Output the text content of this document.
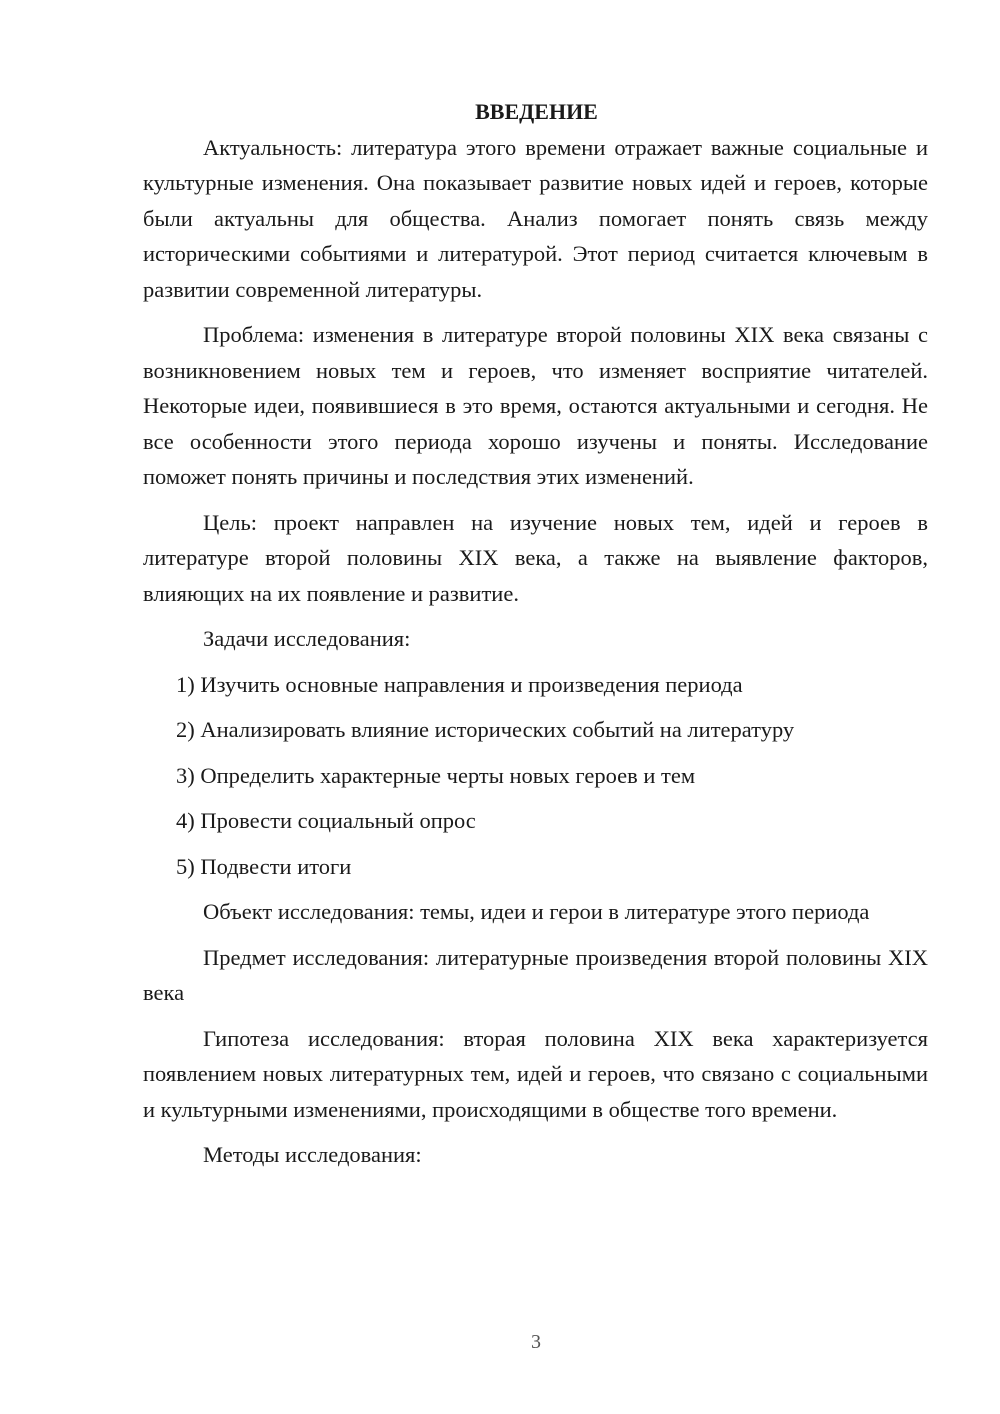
ВВЕДЕНИЕ

Актуальность: литература этого времени отражает важные социальные и культурные изменения. Она показывает развитие новых идей и героев, которые были актуальны для общества. Анализ помогает понять связь между историческими событиями и литературой. Этот период считается ключевым в развитии современной литературы.

Проблема: изменения в литературе второй половины XIX века связаны с возникновением новых тем и героев, что изменяет восприятие читателей. Некоторые идеи, появившиеся в это время, остаются актуальными и сегодня. Не все особенности этого периода хорошо изучены и поняты. Исследование поможет понять причины и последствия этих изменений.

Цель: проект направлен на изучение новых тем, идей и героев в литературе второй половины XIX века, а также на выявление факторов, влияющих на их появление и развитие.

Задачи исследования:

1) Изучить основные направления и произведения периода
2) Анализировать влияние исторических событий на литературу
3) Определить характерные черты новых героев и тем
4) Провести социальный опрос
5) Подвести итоги

Объект исследования: темы, идеи и герои в литературе этого периода

Предмет исследования: литературные произведения второй половины XIX века

Гипотеза исследования: вторая половина XIX века характеризуется появлением новых литературных тем, идей и героев, что связано с социальными и культурными изменениями, происходящими в обществе того времени.

Методы исследования:

3
